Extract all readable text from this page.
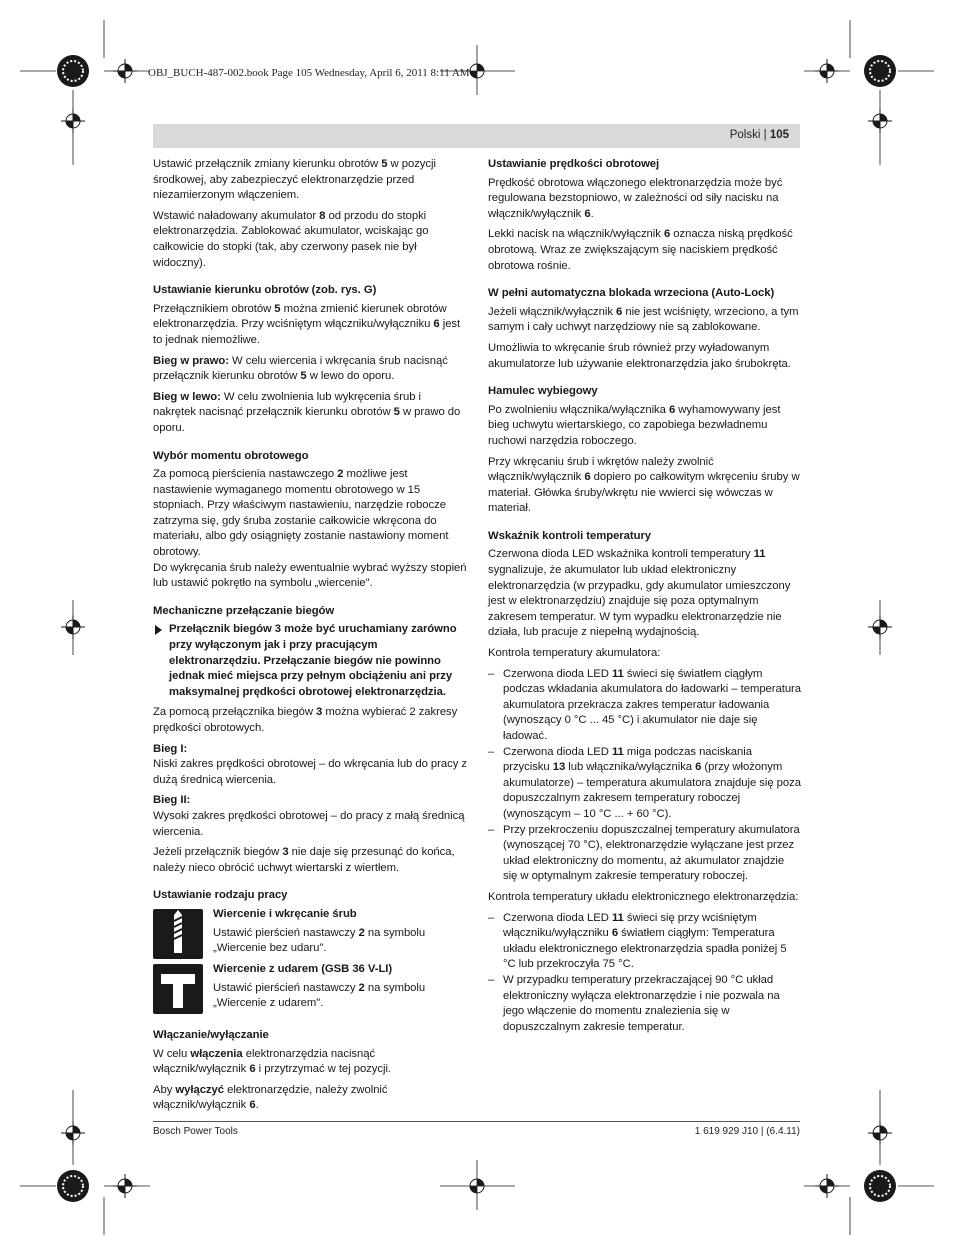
OBJ_BUCH-487-002.book Page 105 Wednesday, April 6, 2011 8:11 AM
Polski | 105

Ustawić przełącznik zmiany kierunku obrotów 5 w pozycji środkowej, aby zabezpieczyć elektronarzędzie przed niezamierzonym włączeniem.

Wstawić naładowany akumulator 8 od przodu do stopki elektronarzędzia. Zablokować akumulator, wciskając go całkowicie do stopki (tak, aby czerwony pasek nie był widoczny).

Ustawianie kierunku obrotów (zob. rys. G)

Przełącznikiem obrotów 5 można zmienić kierunek obrotów elektronarzędzia. Przy wciśniętym włączniku/wyłączniku 6 jest to jednak niemożliwe.

Bieg w prawo: W celu wiercenia i wkręcania śrub nacisnąć przełącznik kierunku obrotów 5 w lewo do oporu.

Bieg w lewo: W celu zwolnienia lub wykręcenia śrub i nakrętek nacisnąć przełącznik kierunku obrotów 5 w prawo do oporu.

Wybór momentu obrotowego

Za pomocą pierścienia nastawczego 2 możliwe jest nastawienie wymaganego momentu obrotowego w 15 stopniach. Przy właściwym nastawieniu, narzędzie robocze zatrzyma się, gdy śruba zostanie całkowicie wkręcona do materiału, albo gdy osiągnięty zostanie nastawiony moment obrotowy.

Do wykręcania śrub należy ewentualnie wybrać wyższy stopień lub ustawić pokrętło na symbolu „wiercenie".

Mechaniczne przełączanie biegów
Przełącznik biegów 3 może być uruchamiany zarówno przy wyłączonym jak i przy pracującym elektronarzędziu. Przełączanie biegów nie powinno jednak mieć miejsca przy pełnym obciążeniu ani przy maksymalnej prędkości obrotowej elektronarzędzia.

Za pomocą przełącznika biegów 3 można wybierać 2 zakresy prędkości obrotowych.

Bieg I:

Niski zakres prędkości obrotowej – do wkręcania lub do pracy z dużą średnicą wiercenia.

Bieg II:

Wysoki zakres prędkości obrotowej – do pracy z małą średnicą wiercenia.

Jeżeli przełącznik biegów 3 nie daje się przesunąć do końca, należy nieco obrócić uchwyt wiertarski z wiertłem.

Ustawianie rodzaju pracy
Wiercenie i wkręcanie śrub
Ustawić pierścień nastawczy 2 na symbolu „Wiercenie bez udaru".
Wiercenie z udarem (GSB 36 V-LI)
Ustawić pierścień nastawczy 2 na symbolu „Wiercenie z udarem".
Włączanie/wyłączanie

W celu włączenia elektronarzędzia nacisnąć włącznik/wyłącznik 6 i przytrzymać w tej pozycji.

Aby wyłączyć elektronarzędzie, należy zwolnić włącznik/wyłącznik 6.

Ustawianie prędkości obrotowej

Prędkość obrotowa włączonego elektronarzędzia może być regulowana bezstopniowo, w zależności od siły nacisku na włącznik/wyłącznik 6.

Lekki nacisk na włącznik/wyłącznik 6 oznacza niską prędkość obrotową. Wraz ze zwiększającym się naciskiem prędkość obrotowa rośnie.

W pełni automatyczna blokada wrzeciona (Auto-Lock)

Jeżeli włącznik/wyłącznik 6 nie jest wciśnięty, wrzeciono, a tym samym i cały uchwyt narzędziowy nie są zablokowane.

Umożliwia to wkręcanie śrub również przy wyładowanym akumulatorze lub używanie elektronarzędzia jako śrubokręta.

Hamulec wybiegowy

Po zwolnieniu włącznika/wyłącznika 6 wyhamowywany jest bieg uchwytu wiertarskiego, co zapobiega bezwładnemu ruchowi narzędzia roboczego.

Przy wkręcaniu śrub i wkrętów należy zwolnić włącznik/wyłącznik 6 dopiero po całkowitym wkręceniu śruby w materiał. Główka śruby/wkrętu nie wwierci się wówczas w materiał.

Wskaźnik kontroli temperatury

Czerwona dioda LED wskaźnika kontroli temperatury 11 sygnalizuje, że akumulator lub układ elektroniczny elektronarzędzia (w przypadku, gdy akumulator umieszczony jest w elektronarzędziu) znajduje się poza optymalnym zakresem temperatur. W tym wypadku elektronarzędzie nie działa, lub pracuje z niepełną wydajnością.

Kontrola temperatury akumulatora:

– Czerwona dioda LED 11 świeci się światłem ciągłym podczas wkładania akumulatora do ładowarki – temperatura akumulatora przekracza zakres temperatur ładowania (wynoszący 0 °C ... 45 °C) i akumulator nie daje się ładować.
– Czerwona dioda LED 11 miga podczas naciskania przycisku 13 lub włącznika/wyłącznika 6 (przy włożonym akumulatorze) – temperatura akumulatora znajduje się poza dopuszczalnym zakresem temperatury roboczej (wynoszącym – 10 °C ... + 60 °C).
– Przy przekroczeniu dopuszczalnej temperatury akumulatora (wynoszącej 70 °C), elektronarzędzie wyłączane jest przez układ elektroniczny do momentu, aż akumulator znajdzie się w optymalnym zakresie temperatury roboczej.

Kontrola temperatury układu elektronicznego elektronarzędzia:

– Czerwona dioda LED 11 świeci się przy wciśniętym włączniku/wyłączniku 6 światłem ciągłym: Temperatura układu elektronicznego elektronarzędzia spadła poniżej 5 °C lub przekroczyła 75 °C.
– W przypadku temperatury przekraczającej 90 °C układ elektroniczny wyłącza elektronarzędzie i nie pozwala na jego włączenie do momentu znalezienia się w dopuszczalnym zakresie temperatur.
Bosch Power Tools	1 619 929 J10 | (6.4.11)
